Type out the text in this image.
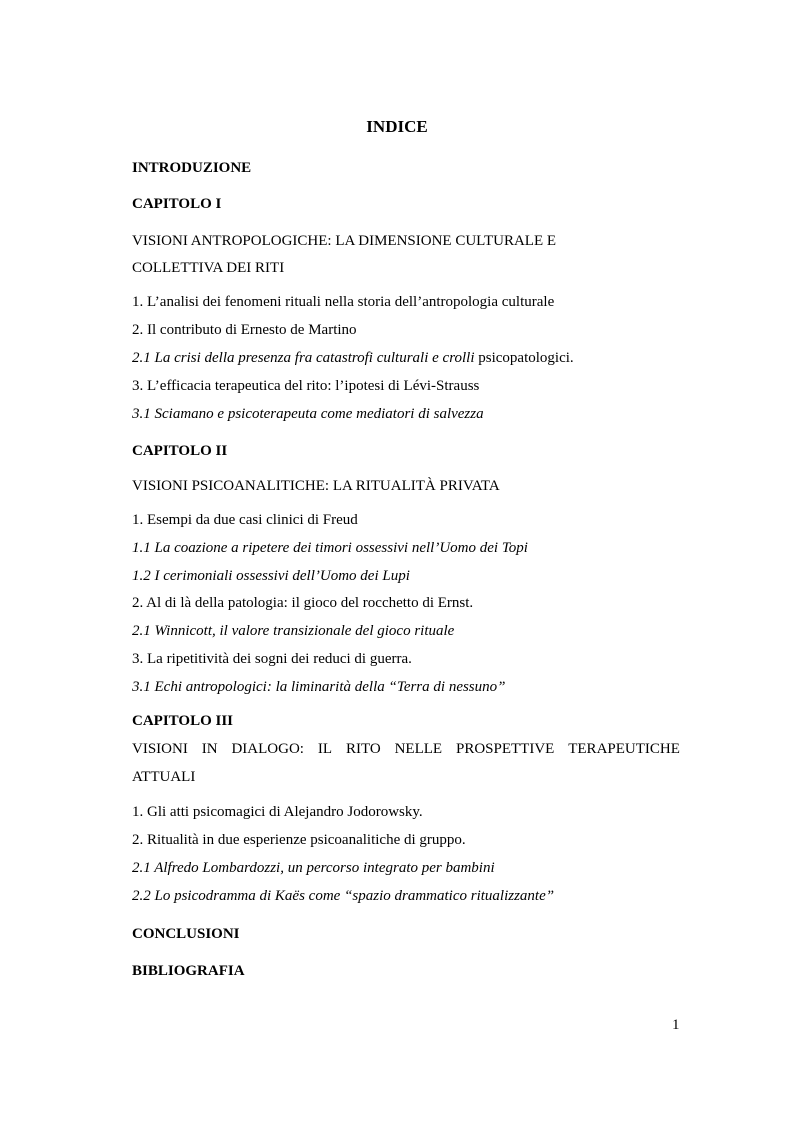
INDICE
INTRODUZIONE
CAPITOLO I
VISIONI ANTROPOLOGICHE: LA DIMENSIONE CULTURALE E
COLLETTIVA DEI RITI
1. L’analisi dei fenomeni rituali nella storia dell’antropologia culturale
2. Il contributo di Ernesto de Martino
2.1 La crisi della presenza fra catastrofi culturali e crolli psicopatologici.
3. L’efficacia terapeutica del rito: l’ipotesi di Lévi-Strauss
3.1 Sciamano e psicoterapeuta come mediatori di salvezza
CAPITOLO II
VISIONI PSICOANALITICHE: LA RITUALITÀ PRIVATA
1. Esempi da due casi clinici di Freud
1.1 La coazione a ripetere dei timori ossessivi nell’Uomo dei Topi
1.2 I cerimoniali ossessivi dell’Uomo dei Lupi
2. Al di là della patologia: il gioco del rocchetto di Ernst.
2.1 Winnicott, il valore transizionale del gioco rituale
3. La ripetitività dei sogni dei reduci di guerra.
3.1 Echi antropologici: la liminarità della “Terra di nessuno”
CAPITOLO III
VISIONI IN DIALOGO: IL RITO NELLE PROSPETTIVE TERAPEUTICHE
ATTUALI
1. Gli atti psicomagici di Alejandro Jodorowsky.
2. Ritualità in due esperienze psicoanalitiche di gruppo.
2.1 Alfredo Lombardozzi, un percorso integrato per bambini
2.2 Lo psicodramma di Kaës come “spazio drammatico ritualizzante”
CONCLUSIONI
BIBLIOGRAFIA
1
